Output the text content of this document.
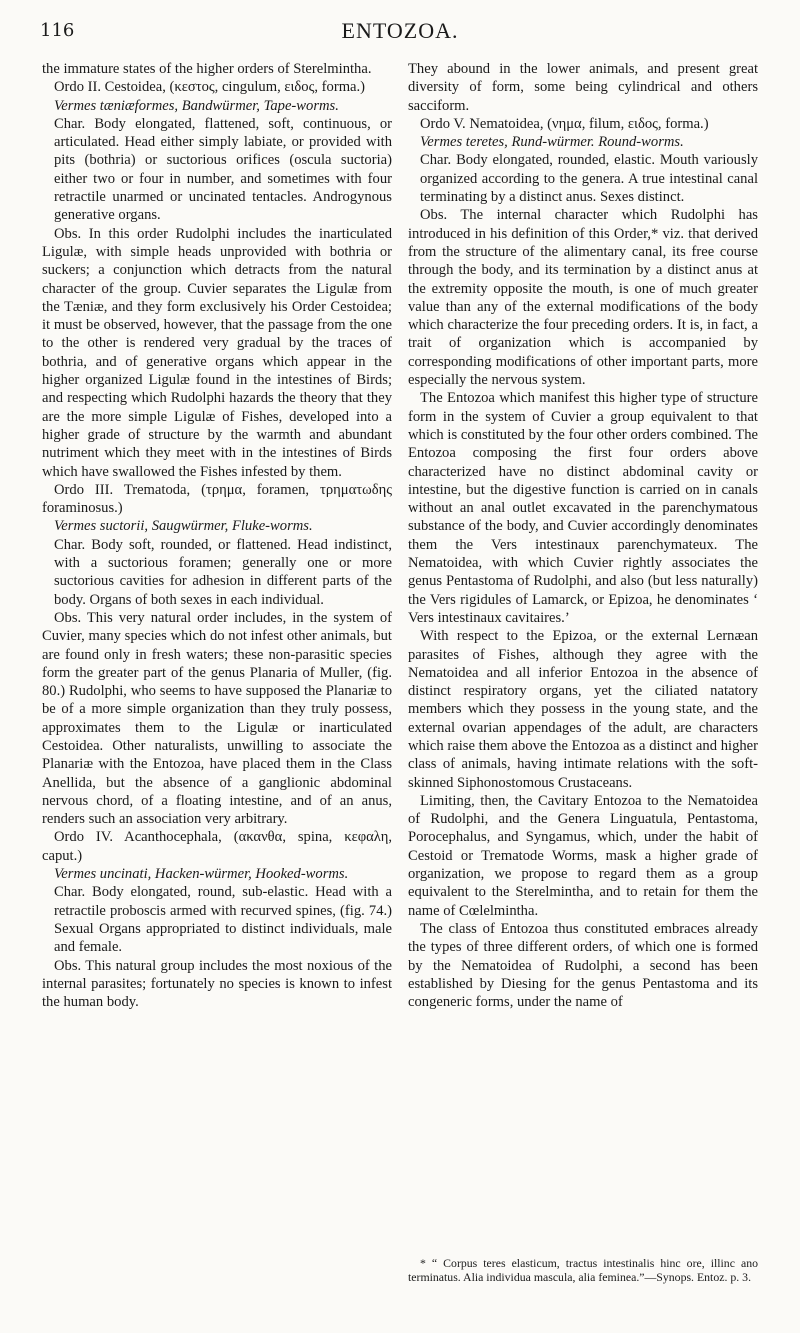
116	ENTOZOA.

the immature states of the higher orders of Sterelmintha.

Ordo II. Cestoidea, (κεστος, cingulum, ειδος, forma.)

Vermes tæniæformes, Bandwürmer, Tape-worms.

Char. Body elongated, flattened, soft, continuous, or articulated. Head either simply labiate, or provided with pits (bothria) or suctorious orifices (oscula suctoria) either two or four in number, and sometimes with four retractile unarmed or uncinated tentacles. Androgynous generative organs.

Obs. In this order Rudolphi includes the inarticulated Ligulæ, with simple heads unprovided with bothria or suckers; a conjunction which detracts from the natural character of the group. Cuvier separates the Ligulæ from the Tæniæ, and they form exclusively his Order Cestoidea; it must be observed, however, that the passage from the one to the other is rendered very gradual by the traces of bothria, and of generative organs which appear in the higher organized Ligulæ found in the intestines of Birds; and respecting which Rudolphi hazards the theory that they are the more simple Ligulæ of Fishes, developed into a higher grade of structure by the warmth and abundant nutriment which they meet with in the intestines of Birds which have swallowed the Fishes infested by them.

Ordo III. Trematoda, (τρημα, foramen, τρηματωδης foraminosus.)

Vermes suctorii, Saugwürmer, Fluke-worms.

Char. Body soft, rounded, or flattened. Head indistinct, with a suctorious foramen; generally one or more suctorious cavities for adhesion in different parts of the body. Organs of both sexes in each individual.

Obs. This very natural order includes, in the system of Cuvier, many species which do not infest other animals, but are found only in fresh waters; these non-parasitic species form the greater part of the genus Planaria of Muller, (fig. 80.) Rudolphi, who seems to have supposed the Planariæ to be of a more simple organization than they truly possess, approximates them to the Ligulæ or inarticulated Cestoidea. Other naturalists, unwilling to associate the Planariæ with the Entozoa, have placed them in the Class Anellida, but the absence of a ganglionic abdominal nervous chord, of a floating intestine, and of an anus, renders such an association very arbitrary.

Ordo IV. Acanthocephala, (ακανθα, spina, κεφαλη, caput.)

Vermes uncinati, Hacken-würmer, Hooked-worms.

Char. Body elongated, round, sub-elastic. Head with a retractile proboscis armed with recurved spines, (fig. 74.) Sexual Organs appropriated to distinct individuals, male and female.

Obs. This natural group includes the most noxious of the internal parasites; fortunately no species is known to infest the human body.

They abound in the lower animals, and present great diversity of form, some being cylindrical and others sacciform.

Ordo V. Nematoidea, (νημα, filum, ειδος, forma.)

Vermes teretes, Rund-würmer. Round-worms.

Char. Body elongated, rounded, elastic. Mouth variously organized according to the genera. A true intestinal canal terminating by a distinct anus. Sexes distinct.

Obs. The internal character which Rudolphi has introduced in his definition of this Order,* viz. that derived from the structure of the alimentary canal, its free course through the body, and its termination by a distinct anus at the extremity opposite the mouth, is one of much greater value than any of the external modifications of the body which characterize the four preceding orders. It is, in fact, a trait of organization which is accompanied by corresponding modifications of other important parts, more especially the nervous system.

The Entozoa which manifest this higher type of structure form in the system of Cuvier a group equivalent to that which is constituted by the four other orders combined. The Entozoa composing the first four orders above characterized have no distinct abdominal cavity or intestine, but the digestive function is carried on in canals without an anal outlet excavated in the parenchymatous substance of the body, and Cuvier accordingly denominates them the Vers intestinaux parenchymateux. The Nematoidea, with which Cuvier rightly associates the genus Pentastoma of Rudolphi, and also (but less naturally) the Vers rigidules of Lamarck, or Epizoa, he denominates ‘ Vers intestinaux cavitaires.’

With respect to the Epizoa, or the external Lernæan parasites of Fishes, although they agree with the Nematoidea and all inferior Entozoa in the absence of distinct respiratory organs, yet the ciliated natatory members which they possess in the young state, and the external ovarian appendages of the adult, are characters which raise them above the Entozoa as a distinct and higher class of animals, having intimate relations with the soft-skinned Siphonostomous Crustaceans.

Limiting, then, the Cavitary Entozoa to the Nematoidea of Rudolphi, and the Genera Linguatula, Pentastoma, Porocephalus, and Syngamus, which, under the habit of Cestoid or Trematode Worms, mask a higher grade of organization, we propose to regard them as a group equivalent to the Sterelmintha, and to retain for them the name of Cœlelmintha.

The class of Entozoa thus constituted embraces already the types of three different orders, of which one is formed by the Nematoidea of Rudolphi, a second has been established by Diesing for the genus Pentastoma and its congeneric forms, under the name of

* “ Corpus teres elasticum, tractus intestinalis hinc ore, illinc ano terminatus. Alia individua mascula, alia feminea.”—Synops. Entoz. p. 3.
